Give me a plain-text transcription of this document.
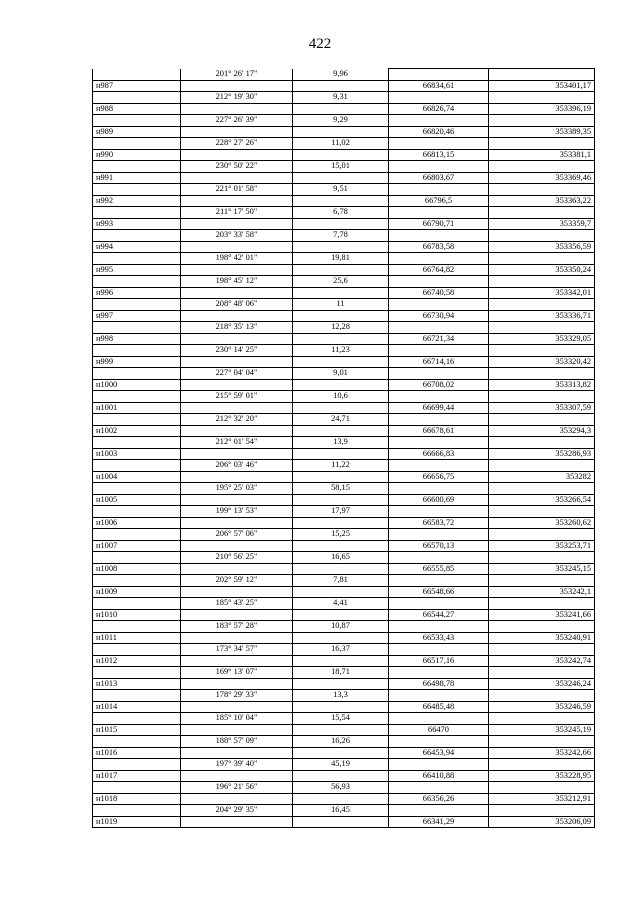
422
	201° 26' 17"	9,96		
н987			66834,61	353401,17
	212° 19' 30"	9,31		
н988			66826,74	353396,19
	227° 26' 39"	9,29		
н989			66820,46	353389,35
	228° 27' 26"	11,02		
н990			66813,15	353381,1
	230° 50' 22"	15,01		
н991			66803,67	353369,46
	221° 01' 58"	9,51		
н992			66796,5	353363,22
	211° 17' 50"	6,78		
н993			66790,71	353359,7
	203° 33' 58"	7,78		
н994			66783,58	353356,59
	198° 42' 01"	19,81		
н995			66764,82	353350,24
	198° 45' 12"	25,6		
н996			66740,58	353342,01
	208° 48' 06"	11		
н997			66730,94	353336,71
	218° 35' 13"	12,28		
н998			66721,34	353329,05
	230° 14' 25"	11,23		
н999			66714,16	353320,42
	227° 04' 04"	9,01		
н1000			66708,02	353313,82
	215° 59' 01"	10,6		
н1001			66699,44	353307,59
	212° 32' 20"	24,71		
н1002			66678,61	353294,3
	212° 01' 54"	13,9		
н1003			66666,83	353286,93
	206° 03' 46"	11,22		
н1004			66656,75	353282
	195° 25' 03"	58,15		
н1005			66600,69	353266,54
	199° 13' 53"	17,97		
н1006			66583,72	353260,62
	206° 57' 06"	15,25		
н1007			66570,13	353253,71
	210° 56' 25"	16,65		
н1008			66555,85	353245,15
	202° 59' 12"	7,81		
н1009			66548,66	353242,1
	185° 43' 25"	4,41		
н1010			66544,27	353241,66
	183° 57' 28"	10,87		
н1011			66533,43	353240,91
	173° 34' 57"	16,37		
н1012			66517,16	353242,74
	169° 13' 07"	18,71		
н1013			66498,78	353246,24
	178° 29' 33"	13,3		
н1014			66485,48	353246,59
	185° 10' 04"	15,54		
н1015			66470	353245,19
	188° 57' 09"	16,26		
н1016			66453,94	353242,66
	197° 39' 40"	45,19		
н1017			66410,88	353228,95
	196° 21' 56"	56,93		
н1018			66356,26	353212,91
	204° 29' 35"	16,45		
н1019			66341,29	353206,09
